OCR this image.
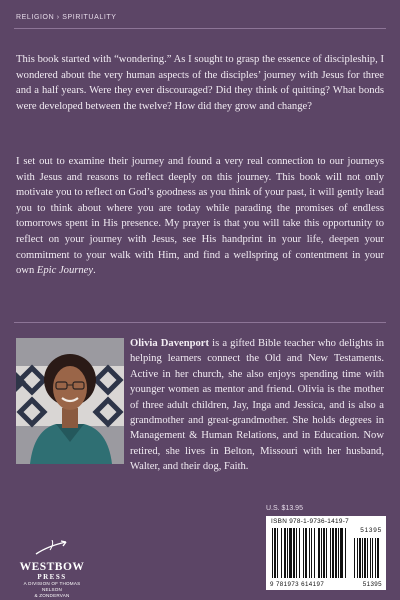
RELIGION › SPIRITUALITY

This book started with “wondering.” As I sought to grasp the essence of discipleship, I wondered about the very human aspects of the disciples’ journey with Jesus for three and a half years. Were they ever discouraged? Did they think of quitting? What bonds were developed between the twelve? How did they grow and change?

I set out to examine their journey and found a very real connection to our journeys with Jesus and reasons to reflect deeply on this journey. This book will not only motivate you to reflect on God’s goodness as you think of your past, it will gently lead you to think about where you are today while parading the promises of endless tomorrows spent in His presence. My prayer is that you will take this opportunity to reflect on your journey with Jesus, see His handprint in your life, deepen your commitment to your walk with Him, and find a wellspring of contentment in your own Epic Journey.

Olivia Davenport is a gifted Bible teacher who delights in helping learners connect the Old and New Testaments. Active in her church, she also enjoys spending time with younger women as mentor and friend. Olivia is the mother of three adult children, Jay, Inga and Jessica, and is also a grandmother and great-grandmother. She holds degrees in Management & Human Relations, and in Education. Now retired, she lives in Belton, Missouri with her husband, Walter, and their dog, Faith.

WESTBOW
PRESS
A DIVISION OF THOMAS NELSON
& ZONDERVAN
U.S. $13.95
ISBN 978-1-9736-1419-7
51395
9 781973 614197	51395
